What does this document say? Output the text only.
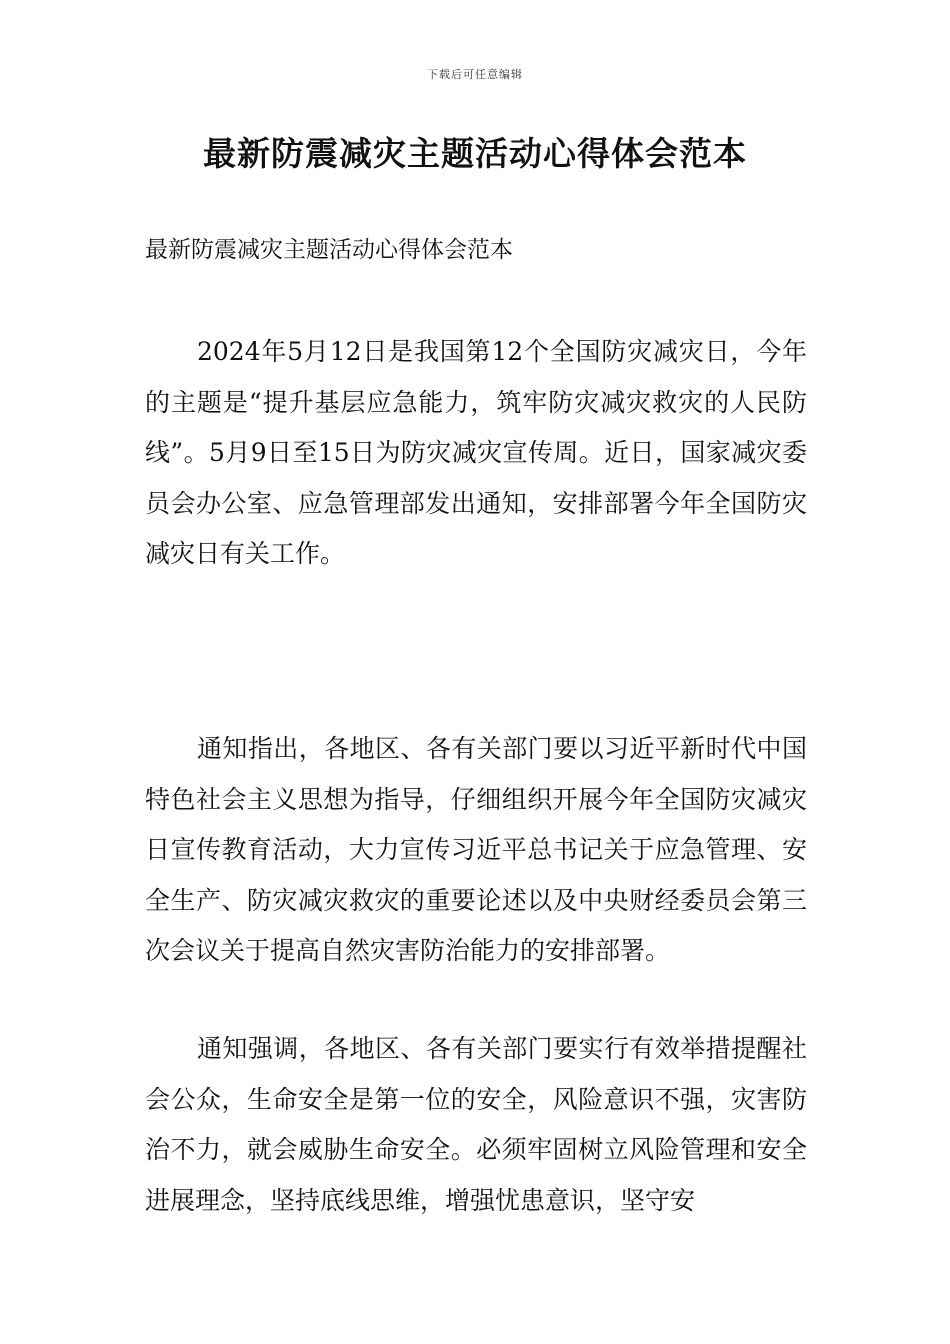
下载后可任意编辑
最新防震减灾主题活动心得体会范本

最新防震减灾主题活动心得体会范本

2024年5月12日是我国第12个全国防灾减灾日，今年的主题是“提升基层应急能力，筑牢防灾减灾救灾的人民防线”。5月9日至15日为防灾减灾宣传周。近日，国家减灾委员会办公室、应急管理部发出通知，安排部署今年全国防灾减灾日有关工作。

通知指出，各地区、各有关部门要以习近平新时代中国特色社会主义思想为指导，仔细组织开展今年全国防灾减灾日宣传教育活动，大力宣传习近平总书记关于应急管理、安全生产、防灾减灾救灾的重要论述以及中央财经委员会第三次会议关于提高自然灾害防治能力的安排部署。

通知强调，各地区、各有关部门要实行有效举措提醒社会公众，生命安全是第一位的安全，风险意识不强，灾害防治不力，就会威胁生命安全。必须牢固树立风险管理和安全进展理念，坚持底线思维，增强忧患意识，坚守安
